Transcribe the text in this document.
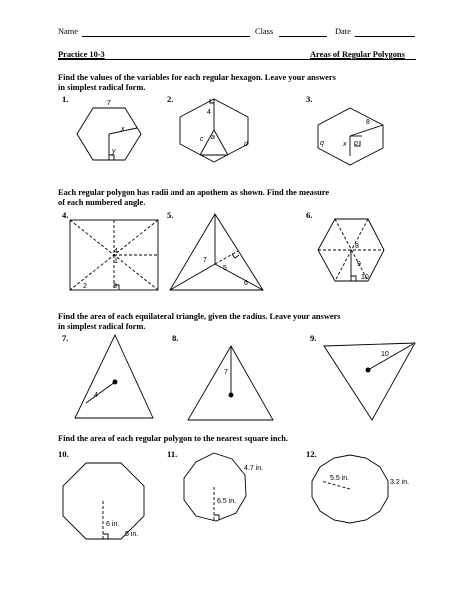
Name	Class	Date
Practice 10-3	Areas of Regular Polygons
Find the values of the variables for each regular hexagon. Leave your answers
in simplest radical form.
1.	2.	3.
Each regular polygon has radii and an apothem as shown. Find the measure
of each numbered angle.
4.	5.	6.
Find the area of each equilateral triangle, given the radius. Leave your answers
in simplest radical form.
7.	8.	9.
Find the area of each regular polygon to the nearest square inch.
10.	11.	12.
7
x
y
4
a
c
d
8
q	x p
4
1
2	3
7
5
6
8
9
10
4
7
10
6 in.
5 in.
6.5 in.
4.7 in.
5.5 in.
3.2 in.
